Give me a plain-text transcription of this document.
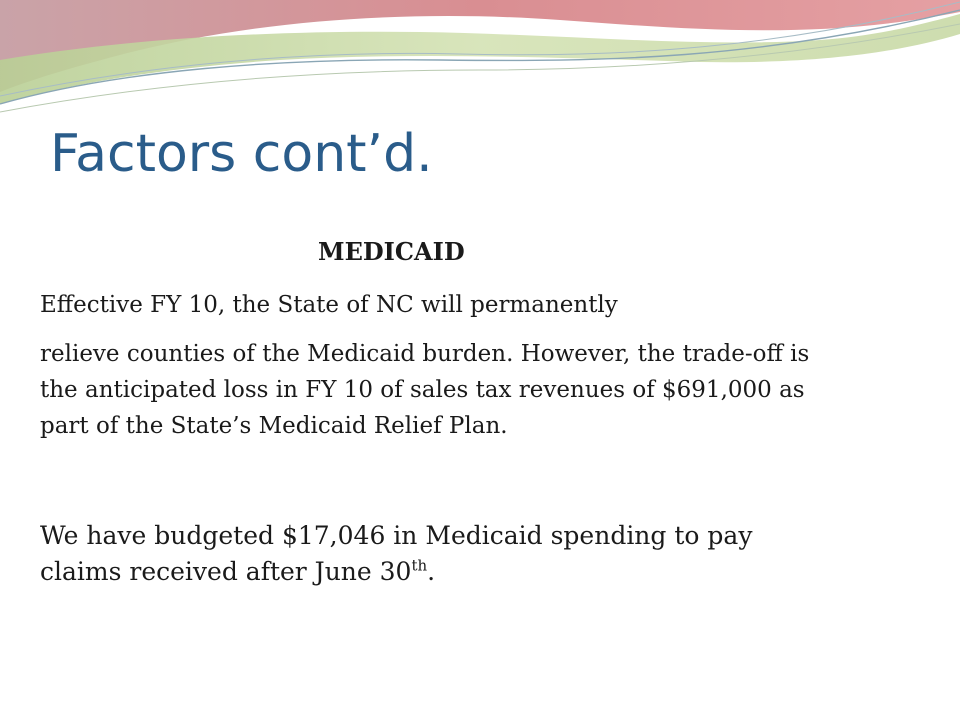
Factors cont’d.
MEDICAID

Effective FY 10, the State of NC will permanently

relieve counties of the Medicaid burden. However, the trade-off is the anticipated loss in FY 10 of sales tax revenues of $691,000 as part of the State’s Medicaid Relief Plan.

We have budgeted $17,046 in Medicaid spending to pay claims received after June 30th.
